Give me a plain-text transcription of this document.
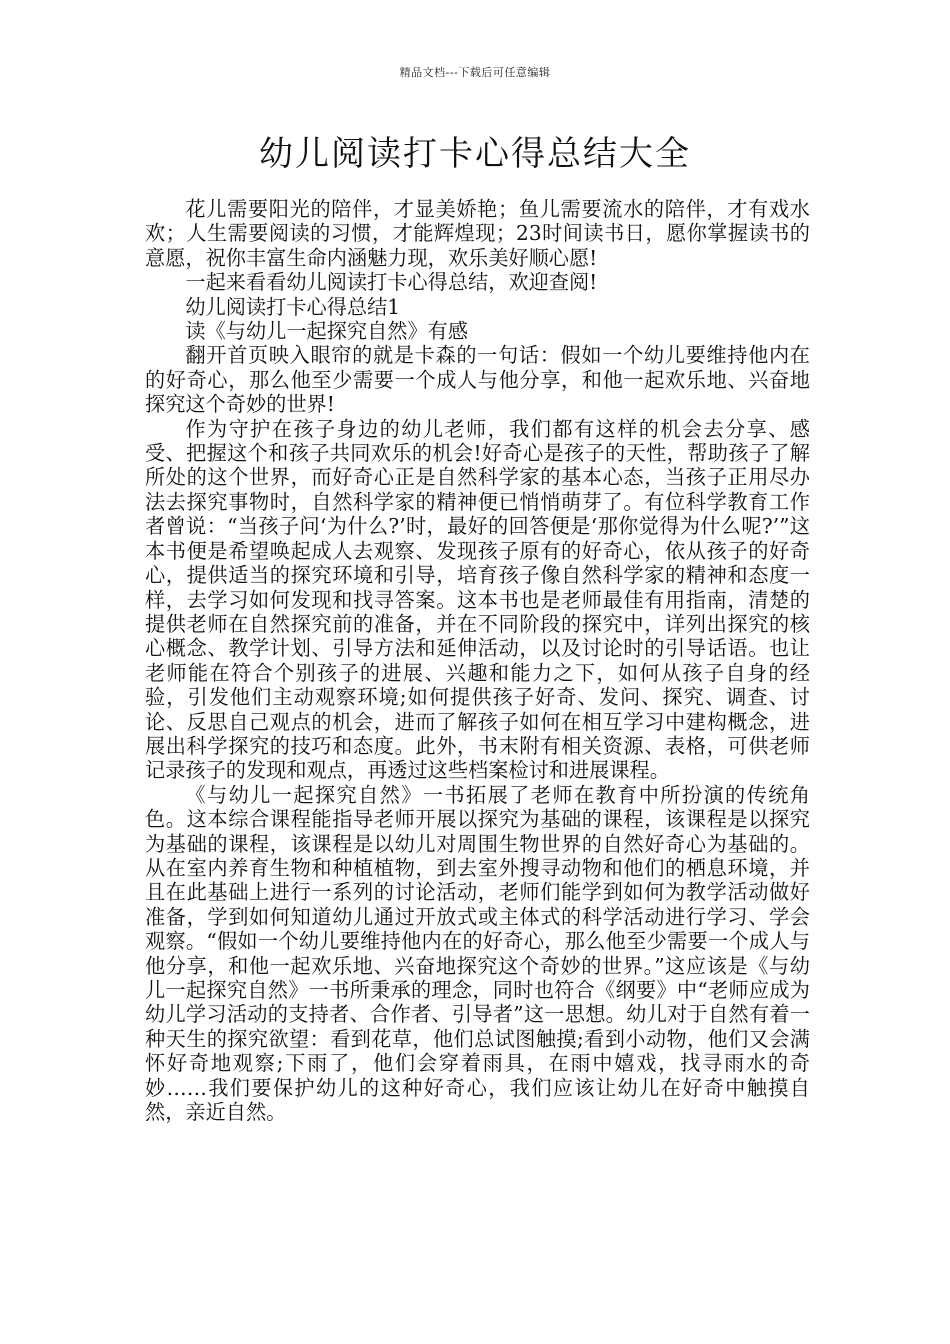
精品文档---下载后可任意编辑
幼儿阅读打卡心得总结大全

花儿需要阳光的陪伴，才显美娇艳；鱼儿需要流水的陪伴，才有戏水欢；人生需要阅读的习惯，才能辉煌现；23时间读书日，愿你掌握读书的意愿，祝你丰富生命内涵魅力现，欢乐美好顺心愿!

一起来看看幼儿阅读打卡心得总结，欢迎查阅!

幼儿阅读打卡心得总结1

读《与幼儿一起探究自然》有感

翻开首页映入眼帘的就是卡森的一句话：假如一个幼儿要维持他内在的好奇心，那么他至少需要一个成人与他分享，和他一起欢乐地、兴奋地探究这个奇妙的世界!

作为守护在孩子身边的幼儿老师，我们都有这样的机会去分享、感受、把握这个和孩子共同欢乐的机会!好奇心是孩子的天性，帮助孩子了解所处的这个世界，而好奇心正是自然科学家的基本心态，当孩子正用尽办法去探究事物时，自然科学家的精神便已悄悄萌芽了。有位科学教育工作者曾说：“当孩子问‘为什么?’时，最好的回答便是‘那你觉得为什么呢?’”这本书便是希望唤起成人去观察、发现孩子原有的好奇心，依从孩子的好奇心，提供适当的探究环境和引导，培育孩子像自然科学家的精神和态度一样，去学习如何发现和找寻答案。这本书也是老师最佳有用指南，清楚的提供老师在自然探究前的准备，并在不同阶段的探究中，详列出探究的核心概念、教学计划、引导方法和延伸活动，以及讨论时的引导话语。也让老师能在符合个别孩子的进展、兴趣和能力之下，如何从孩子自身的经验，引发他们主动观察环境;如何提供孩子好奇、发问、探究、调查、讨论、反思自己观点的机会，进而了解孩子如何在相互学习中建构概念，进展出科学探究的技巧和态度。此外，书末附有相关资源、表格，可供老师记录孩子的发现和观点，再透过这些档案检讨和进展课程。

《与幼儿一起探究自然》一书拓展了老师在教育中所扮演的传统角色。这本综合课程能指导老师开展以探究为基础的课程，该课程是以探究为基础的课程，该课程是以幼儿对周围生物世界的自然好奇心为基础的。从在室内养育生物和种植植物，到去室外搜寻动物和他们的栖息环境，并且在此基础上进行一系列的讨论活动，老师们能学到如何为教学活动做好准备，学到如何知道幼儿通过开放式或主体式的科学活动进行学习、学会观察。“假如一个幼儿要维持他内在的好奇心，那么他至少需要一个成人与他分享，和他一起欢乐地、兴奋地探究这个奇妙的世界。”这应该是《与幼儿一起探究自然》一书所秉承的理念，同时也符合《纲要》中“老师应成为幼儿学习活动的支持者、合作者、引导者”这一思想。幼儿对于自然有着一种天生的探究欲望：看到花草，他们总试图触摸;看到小动物，他们又会满怀好奇地观察;下雨了，他们会穿着雨具，在雨中嬉戏，找寻雨水的奇妙……我们要保护幼儿的这种好奇心，我们应该让幼儿在好奇中触摸自然，亲近自然。
